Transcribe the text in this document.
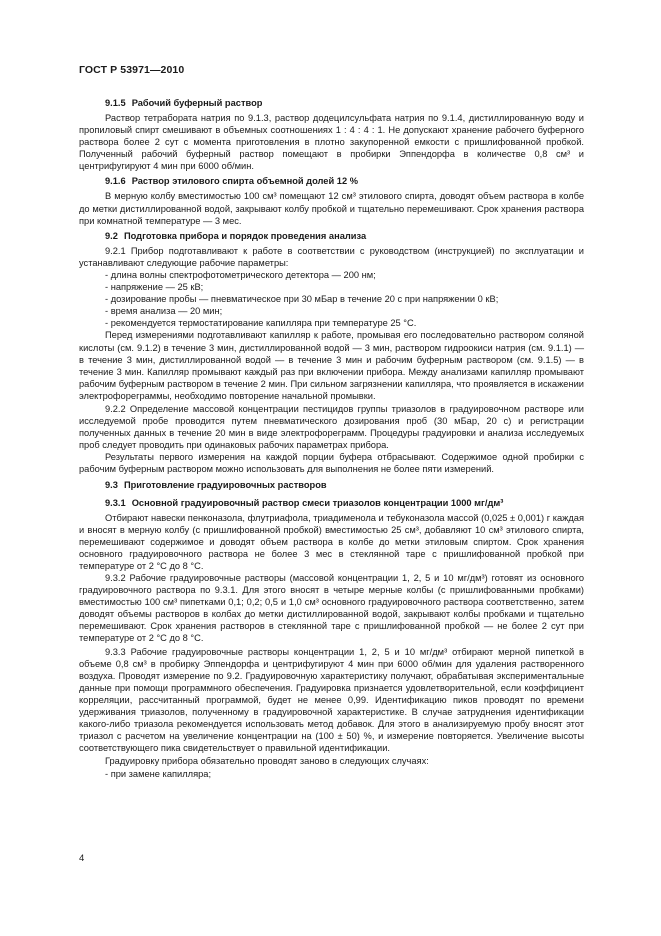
ГОСТ Р 53971—2010
9.1.5 Рабочий буферный раствор

Раствор тетрабората натрия по 9.1.3, раствор додецилсульфата натрия по 9.1.4, дистиллированную воду и пропиловый спирт смешивают в объемных соотношениях 1 : 4 : 4 : 1. Не допускают хранение рабочего буферного раствора более 2 сут с момента приготовления в плотно закупоренной емкости с пришлифованной пробкой. Полученный рабочий буферный раствор помещают в пробирки Эппендорфа в количестве 0,8 см³ и центрифугируют 4 мин при 6000 об/мин.

9.1.6 Раствор этилового спирта объемной долей 12 %

В мерную колбу вместимостью 100 см³ помещают 12 см³ этилового спирта, доводят объем раствора в колбе до метки дистиллированной водой, закрывают колбу пробкой и тщательно перемешивают. Срок хранения раствора при комнатной температуре — 3 мес.

9.2 Подготовка прибора и порядок проведения анализа

9.2.1 Прибор подготавливают к работе в соответствии с руководством (инструкцией) по эксплуатации и устанавливают следующие рабочие параметры:

- длина волны спектрофотометрического детектора — 200 нм;
- напряжение — 25 кВ;
- дозирование пробы — пневматическое при 30 мБар в течение 20 с при напряжении 0 кВ;
- время анализа — 20 мин;
- рекомендуется термостатирование капилляра при температуре 25 °С.

Перед измерениями подготавливают капилляр к работе, промывая его последовательно раствором соляной кислоты (см. 9.1.2) в течение 3 мин, дистиллированной водой — 3 мин, раствором гидроокиси натрия (см. 9.1.1) — в течение 3 мин, дистиллированной водой — в течение 3 мин и рабочим буферным раствором (см. 9.1.5) — в течение 3 мин. Капилляр промывают каждый раз при включении прибора. Между анализами капилляр промывают рабочим буферным раствором в течение 2 мин. При сильном загрязнении капилляра, что проявляется в искажении электрофореграммы, необходимо повторение начальной промывки.

9.2.2 Определение массовой концентрации пестицидов группы триазолов в градуировочном растворе или исследуемой пробе проводится путем пневматического дозирования проб (30 мБар, 20 с) и регистрации полученных данных в течение 20 мин в виде электрофореграмм. Процедуры градуировки и анализа исследуемых проб следует проводить при одинаковых рабочих параметрах прибора.

Результаты первого измерения на каждой порции буфера отбрасывают. Содержимое одной пробирки с рабочим буферным раствором можно использовать для выполнения не более пяти измерений.

9.3 Приготовление градуировочных растворов
9.3.1 Основной градуировочный раствор смеси триазолов концентрации 1000 мг/дм³

Отбирают навески пенконазола, флутриафола, триадименола и тебуконазола массой (0,025 ± 0,001) г каждая и вносят в мерную колбу (с пришлифованной пробкой) вместимостью 25 см³, добавляют 10 см³ этилового спирта, перемешивают содержимое и доводят объем раствора в колбе до метки этиловым спиртом. Срок хранения основного градуировочного раствора не более 3 мес в стеклянной таре с пришлифованной пробкой при температуре от 2 °С до 8 °С.

9.3.2 Рабочие градуировочные растворы (массовой концентрации 1, 2, 5 и 10 мг/дм³) готовят из основного градуировочного раствора по 9.3.1. Для этого вносят в четыре мерные колбы (с пришлифованными пробками) вместимостью 100 см³ пипетками 0,1; 0,2; 0,5 и 1,0 см³ основного градуировочного раствора соответственно, затем доводят объемы растворов в колбах до метки дистиллированной водой, закрывают колбы пробками и тщательно перемешивают. Срок хранения растворов в стеклянной таре с пришлифованной пробкой — не более 2 сут при температуре от 2 °С до 8 °С.

9.3.3 Рабочие градуировочные растворы концентрации 1, 2, 5 и 10 мг/дм³ отбирают мерной пипеткой в объеме 0,8 см³ в пробирку Эппендорфа и центрифугируют 4 мин при 6000 об/мин для удаления растворенного воздуха. Проводят измерение по 9.2. Градуировочную характеристику получают, обрабатывая экспериментальные данные при помощи программного обеспечения. Градуировка признается удовлетворительной, если коэффициент корреляции, рассчитанный программой, будет не менее 0,99. Идентификацию пиков проводят по времени удерживания триазолов, полученному в градуировочной характеристике. В случае затруднения идентификации какого-либо триазола рекомендуется использовать метод добавок. Для этого в анализируемую пробу вносят этот триазол с расчетом на увеличение концентрации на (100 ± 50) %, и измерение повторяется. Увеличение высоты соответствующего пика свидетельствует о правильной идентификации.

Градуировку прибора обязательно проводят заново в следующих случаях:

- при замене капилляра;
4
